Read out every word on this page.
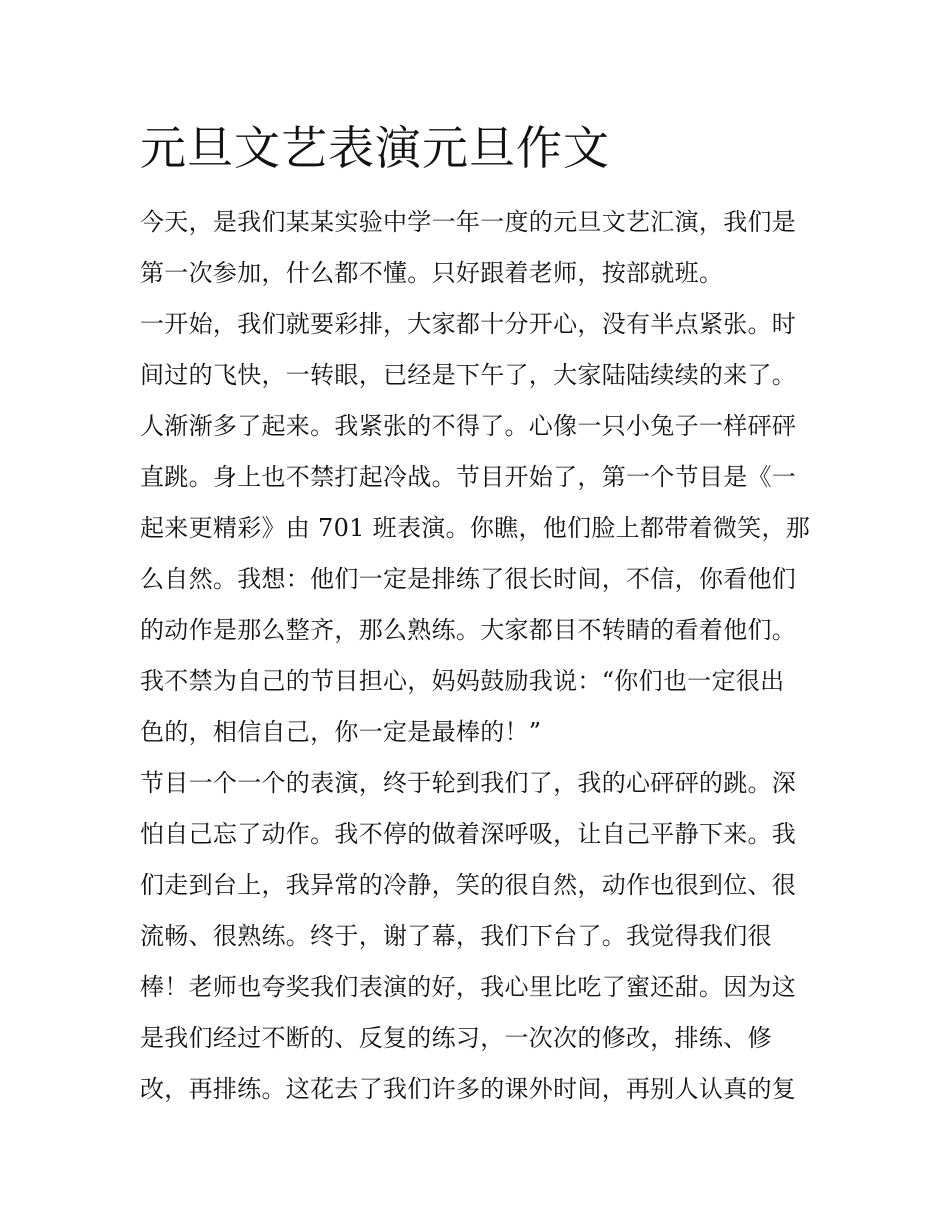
元旦文艺表演元旦作文
今天，是我们某某实验中学一年一度的元旦文艺汇演，我们是
第一次参加，什么都不懂。只好跟着老师，按部就班。
一开始，我们就要彩排，大家都十分开心，没有半点紧张。时
间过的飞快，一转眼，已经是下午了，大家陆陆续续的来了。
人渐渐多了起来。我紧张的不得了。心像一只小兔子一样砰砰
直跳。身上也不禁打起冷战。节目开始了，第一个节目是《一
起来更精彩》由 701 班表演。你瞧，他们脸上都带着微笑，那
么自然。我想：他们一定是排练了很长时间，不信，你看他们
的动作是那么整齐，那么熟练。大家都目不转睛的看着他们。
我不禁为自己的节目担心，妈妈鼓励我说：“你们也一定很出
色的，相信自己，你一定是最棒的！”
节目一个一个的表演，终于轮到我们了，我的心砰砰的跳。深
怕自己忘了动作。我不停的做着深呼吸，让自己平静下来。我
们走到台上，我异常的冷静，笑的很自然，动作也很到位、很
流畅、很熟练。终于，谢了幕，我们下台了。我觉得我们很
棒！老师也夸奖我们表演的好，我心里比吃了蜜还甜。因为这
是我们经过不断的、反复的练习，一次次的修改，排练、修
改，再排练。这花去了我们许多的课外时间，再别人认真的复
